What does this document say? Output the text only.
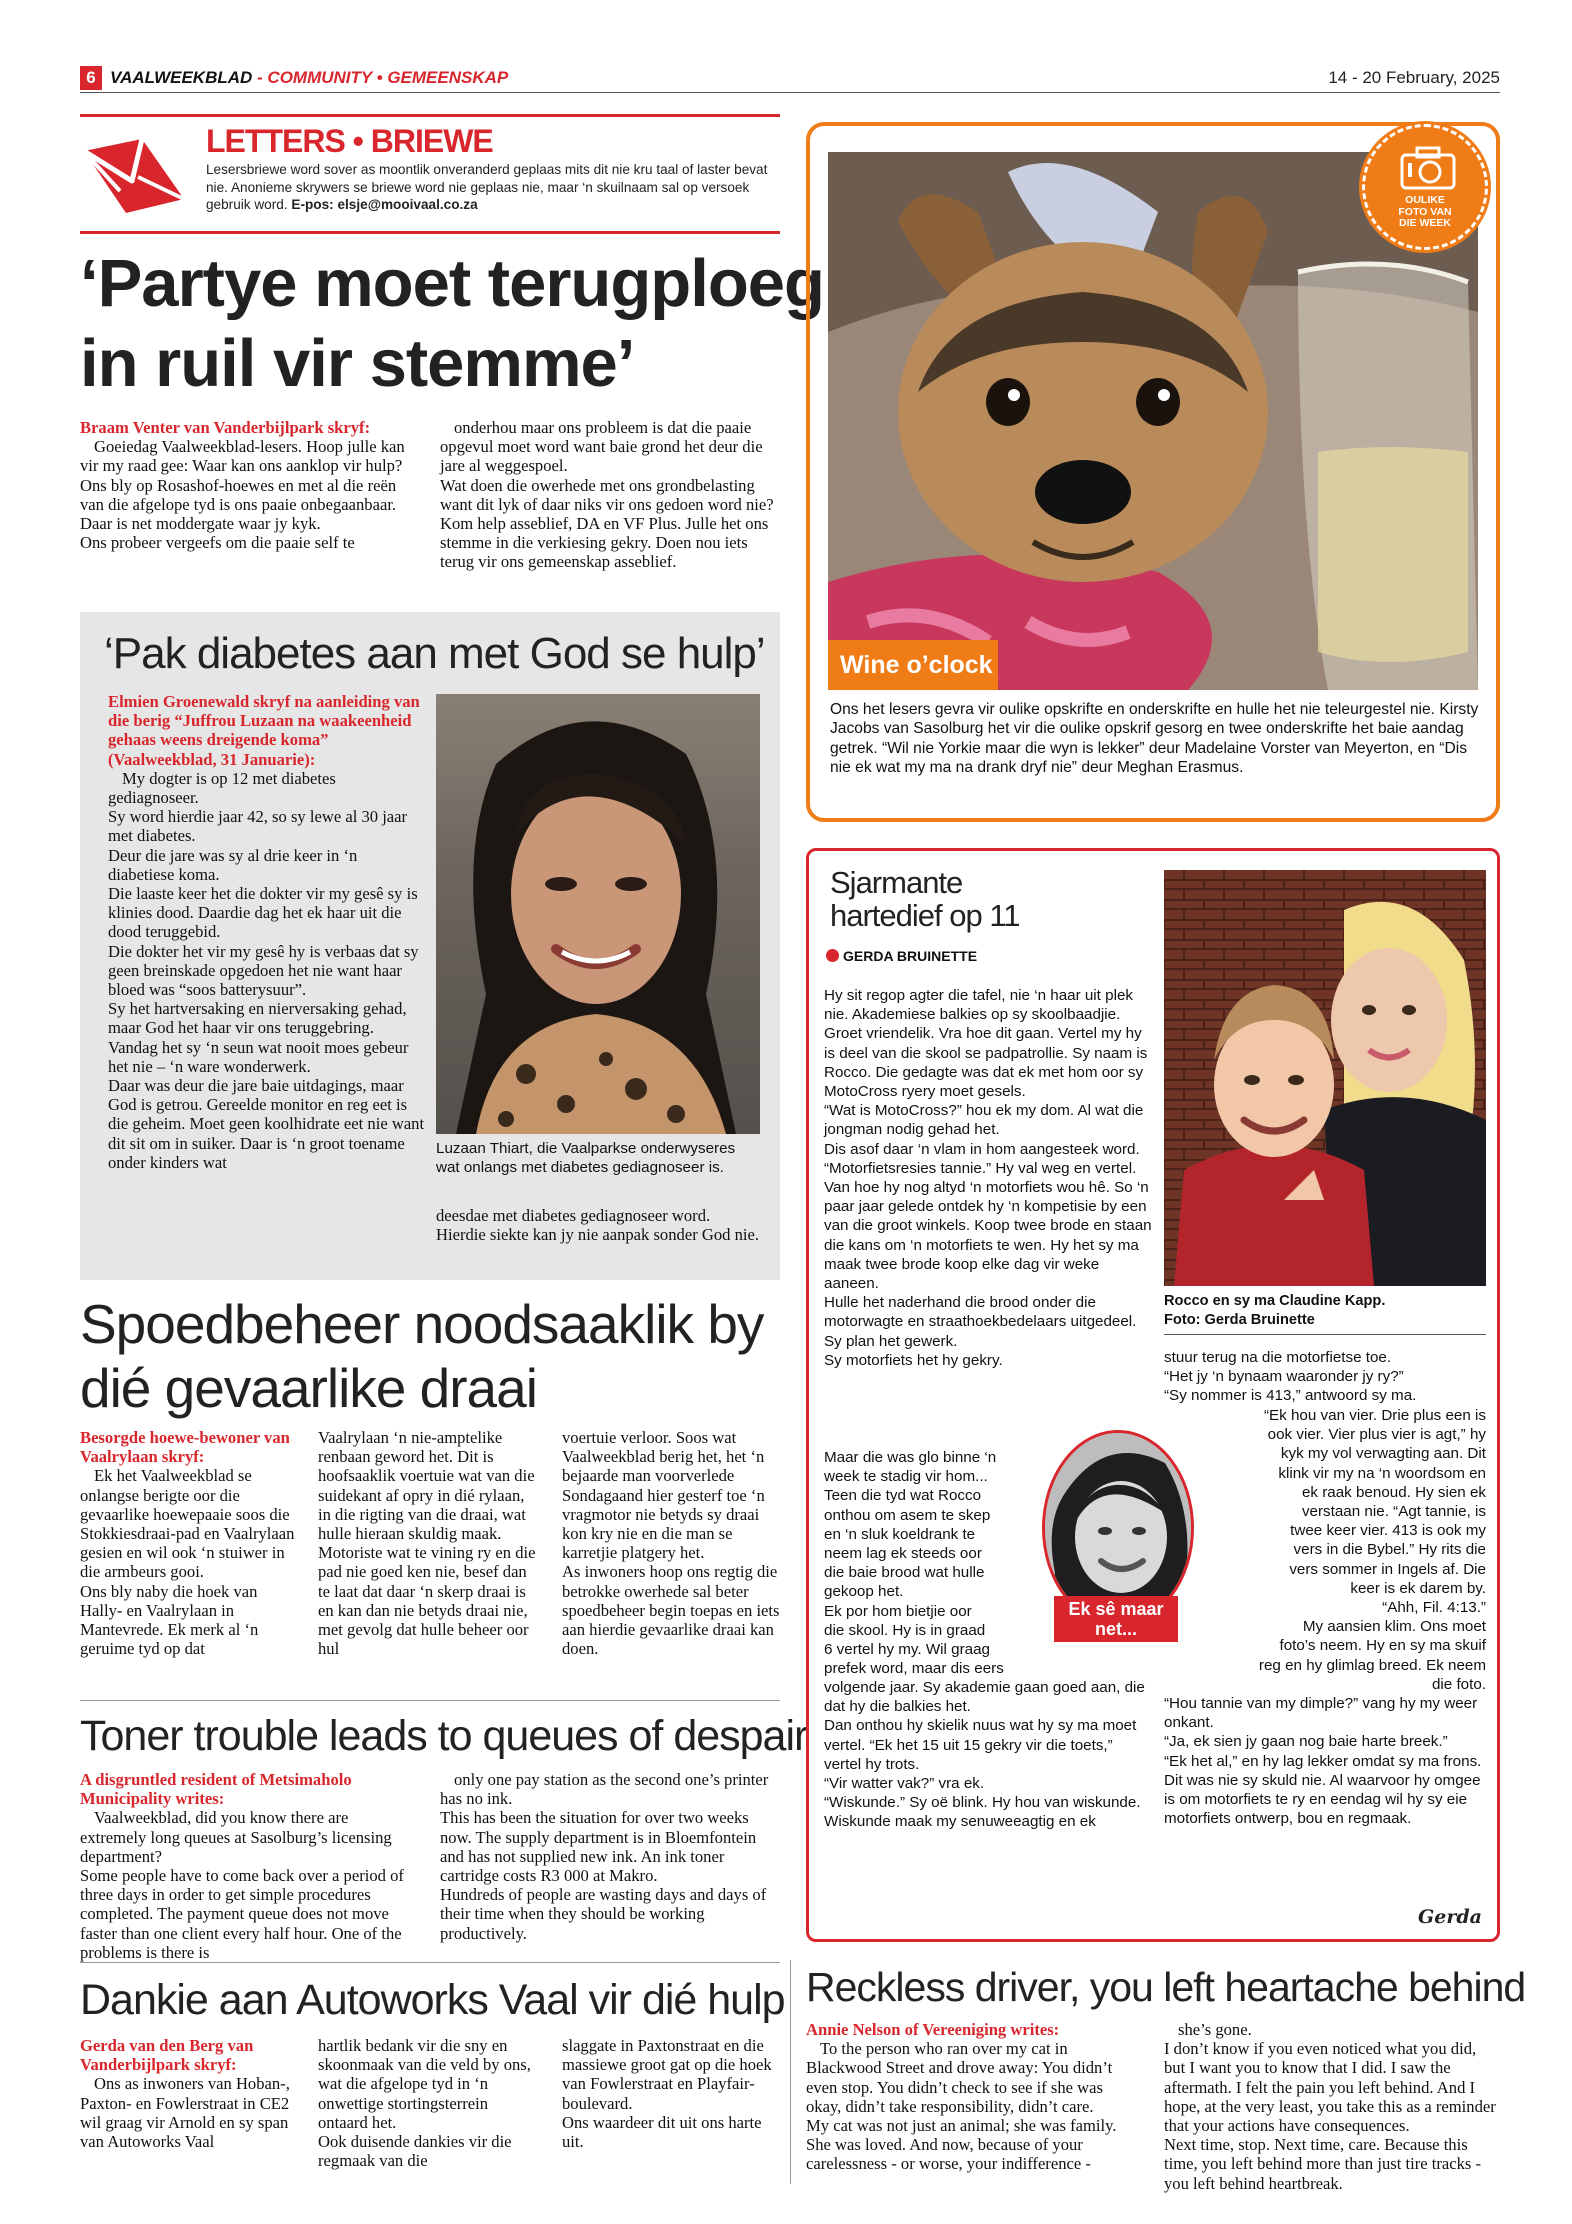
6 VAALWEEKBLAD - COMMUNITY • GEMEENSKAP	14 - 20 February, 2025
LETTERS • BRIEWE
Lesersbriewe word sover as moontlik onveranderd geplaas mits dit nie kru taal of laster bevat nie. Anonieme skrywers se briewe word nie geplaas nie, maar ‘n skuilnaam sal op versoek gebruik word. E-pos: elsje@mooivaal.co.za
‘Partye moet terugploeg
in ruil vir stemme’

Braam Venter van Vanderbijlpark skryf:

Goeiedag Vaalweekblad-lesers. Hoop julle kan vir my raad gee: Waar kan ons aanklop vir hulp?
Ons bly op Rosashof-hoewes en met al die reën van die afgelope tyd is ons paaie onbegaanbaar. Daar is net moddergate waar jy kyk.
Ons probeer vergeefs om die paaie self te

onderhou maar ons probleem is dat die paaie opgevul moet word want baie grond het deur die jare al weggespoel.
Wat doen die owerhede met ons grondbelasting want dit lyk of daar niks vir ons gedoen word nie? Kom help asseblief, DA en VF Plus. Julle het ons stemme in die verkiesing gekry. Doen nou iets terug vir ons gemeenskap asseblief.

‘Pak diabetes aan met God se hulp’

Elmien Groenewald skryf na aanleiding van die berig “Juffrou Luzaan na waakeenheid gehaas weens dreigende koma” (Vaalweekblad, 31 Januarie):

My dogter is op 12 met diabetes gediagnoseer.
Sy word hierdie jaar 42, so sy lewe al 30 jaar met diabetes.
Deur die jare was sy al drie keer in ‘n diabetiese koma.
Die laaste keer het die dokter vir my gesê sy is klinies dood. Daardie dag het ek haar uit die dood teruggebid.
Die dokter het vir my gesê hy is verbaas dat sy geen breinskade opgedoen het nie want haar bloed was “soos batterysuur”.
Sy het hartversaking en nierversaking gehad, maar God het haar vir ons teruggebring. Vandag het sy ‘n seun wat nooit moes gebeur het nie – ‘n ware wonderwerk.
Daar was deur die jare baie uitdagings, maar God is getrou. Gereelde monitor en reg eet is die geheim. Moet geen koolhidrate eet nie want dit sit om in suiker. Daar is ‘n groot toename onder kinders wat

Luzaan Thiart, die Vaalparkse onderwyseres wat onlangs met diabetes gediagnoseer is.

deesdae met diabetes gediagnoseer word. Hierdie siekte kan jy nie aanpak sonder God nie.

Spoedbeheer noodsaaklik by
dié gevaarlike draai

Besorgde hoewe-bewoner van Vaalrylaan skryf:

Ek het Vaalweekblad se onlangse berigte oor die gevaarlike hoewepaaie soos die Stokkiesdraai-pad en Vaalrylaan gesien en wil ook ‘n stuiwer in die armbeurs gooi.
Ons bly naby die hoek van Hally- en Vaalrylaan in Mantevrede. Ek merk al ‘n geruime tyd op dat

Vaalrylaan ‘n nie-amptelike renbaan geword het. Dit is hoofsaaklik voertuie wat van die suidekant af opry in dié rylaan, in die rigting van die draai, wat hulle hieraan skuldig maak.
Motoriste wat te vining ry en die pad nie goed ken nie, besef dan te laat dat daar ‘n skerp draai is en kan dan nie betyds draai nie, met gevolg dat hulle beheer oor hul

voertuie verloor. Soos wat Vaalweekblad berig het, het ‘n bejaarde man voorverlede Sondagaand hier gesterf toe ‘n vragmotor nie betyds sy draai kon kry nie en die man se karretjie platgery het.
As inwoners hoop ons regtig die betrokke owerhede sal beter spoedbeheer begin toepas en iets aan hierdie gevaarlike draai kan doen.

Toner trouble leads to queues of despair

A disgruntled resident of Metsimaholo Municipality writes:

Vaalweekblad, did you know there are extremely long queues at Sasolburg’s licensing department?
Some people have to come back over a period of three days in order to get simple procedures completed. The payment queue does not move faster than one client every half hour. One of the problems is there is

only one pay station as the second one’s printer has no ink.
This has been the situation for over two weeks now. The supply department is in Bloemfontein and has not supplied new ink. An ink toner cartridge costs R3 000 at Makro.
Hundreds of people are wasting days and days of their time when they should be working productively.

Dankie aan Autoworks Vaal vir dié hulp

Gerda van den Berg van Vanderbijlpark skryf:

Ons as inwoners van Hoban-, Paxton- en Fowlerstraat in CE2 wil graag vir Arnold en sy span van Autoworks Vaal

hartlik bedank vir die sny en skoonmaak van die veld by ons, wat die afgelope tyd in ‘n onwettige stortingsterrein ontaard het.
Ook duisende dankies vir die regmaak van die

slaggate in Paxtonstraat en die massiewe groot gat op die hoek van Fowlerstraat en Playfair-boulevard.
Ons waardeer dit uit ons harte uit.

OULIKE
FOTO VAN
DIE WEEK
Wine o’clock
Ons het lesers gevra vir oulike opskrifte en onderskrifte en hulle het nie teleurgestel nie. Kirsty Jacobs van Sasolburg het vir die oulike opskrif gesorg en twee onderskrifte het baie aandag getrek. “Wil nie Yorkie maar die wyn is lekker” deur Madelaine Vorster van Meyerton, en “Dis nie ek wat my ma na drank dryf nie” deur Meghan Erasmus.
Sjarmante
hartedief op 11
GERDA BRUINETTE
Rocco en sy ma Claudine Kapp.
Foto: Gerda Bruinette

Hy sit regop agter die tafel, nie ‘n haar uit plek nie. Akademiese balkies op sy skoolbaadjie.
Groet vriendelik. Vra hoe dit gaan. Vertel my hy is deel van die skool se padpatrollie. Sy naam is Rocco. Die gedagte was dat ek met hom oor sy MotoCross ryery moet gesels.
“Wat is MotoCross?” hou ek my dom. Al wat die jongman nodig gehad het.
Dis asof daar ‘n vlam in hom aangesteek word. “Motorfietsresies tannie.” Hy val weg en vertel. Van hoe hy nog altyd ‘n motorfiets wou hê. So ‘n paar jaar gelede ontdek hy ‘n kompetisie by een van die groot winkels. Koop twee brode en staan die kans om ‘n motorfiets te wen. Hy het sy ma maak twee brode koop elke dag vir weke aaneen.
Hulle het naderhand die brood onder die motorwagte en straathoekbedelaars uitgedeel. Sy plan het gewerk.
Sy motorfiets het hy gekry.

Maar die was glo binne ‘n
week te stadig vir hom...
Teen die tyd wat Rocco
onthou om asem te skep
en ‘n sluk koeldrank te
neem lag ek steeds oor
die baie brood wat hulle
gekoop het.
Ek por hom bietjie oor
die skool. Hy is in graad
6 vertel hy my. Wil graag
prefek word, maar dis eers

volgende jaar. Sy akademie gaan goed aan, die dat hy die balkies het.
Dan onthou hy skielik nuus wat hy sy ma moet vertel. “Ek het 15 uit 15 gekry vir die toets,” vertel hy trots.
“Vir watter vak?” vra ek.
“Wiskunde.” Sy oë blink. Hy hou van wiskunde.
Wiskunde maak my senuweeagtig en ek

stuur terug na die motorfietse toe.
“Het jy ‘n bynaam waaronder jy ry?”
“Sy nommer is 413,” antwoord sy ma.

“Ek hou van vier. Drie plus een is
ook vier. Vier plus vier is agt,” hy
kyk my vol verwagting aan. Dit
klink vir my na ‘n woordsom en
ek raak benoud. Hy sien ek
verstaan nie. “Agt tannie, is
twee keer vier. 413 is ook my
vers in die Bybel.” Hy rits die
vers sommer in Ingels af. Die
keer is ek darem by.
“Ahh, Fil. 4:13.”
My aansien klim. Ons moet
foto’s neem. Hy en sy ma skuif
reg en hy glimlag breed. Ek neem
die foto.

“Hou tannie van my dimple?” vang hy my weer onkant.
“Ja, ek sien jy gaan nog baie harte breek.”
“Ek het al,” en hy lag lekker omdat sy ma frons.
Dit was nie sy skuld nie. Al waarvoor hy omgee is om motorfiets te ry en eendag wil hy sy eie motorfiets ontwerp, bou en regmaak.

Ek sê maar net...
Gerda
Reckless driver, you left heartache behind

Annie Nelson of Vereeniging writes:

To the person who ran over my cat in Blackwood Street and drove away: You didn’t even stop. You didn’t check to see if she was okay, didn’t take responsibility, didn’t care.
My cat was not just an animal; she was family.
She was loved. And now, because of your carelessness - or worse, your indifference -

she’s gone.
I don’t know if you even noticed what you did, but I want you to know that I did. I saw the aftermath. I felt the pain you left behind. And I hope, at the very least, you take this as a reminder that your actions have consequences.
Next time, stop. Next time, care. Because this time, you left behind more than just tire tracks - you left behind heartbreak.
